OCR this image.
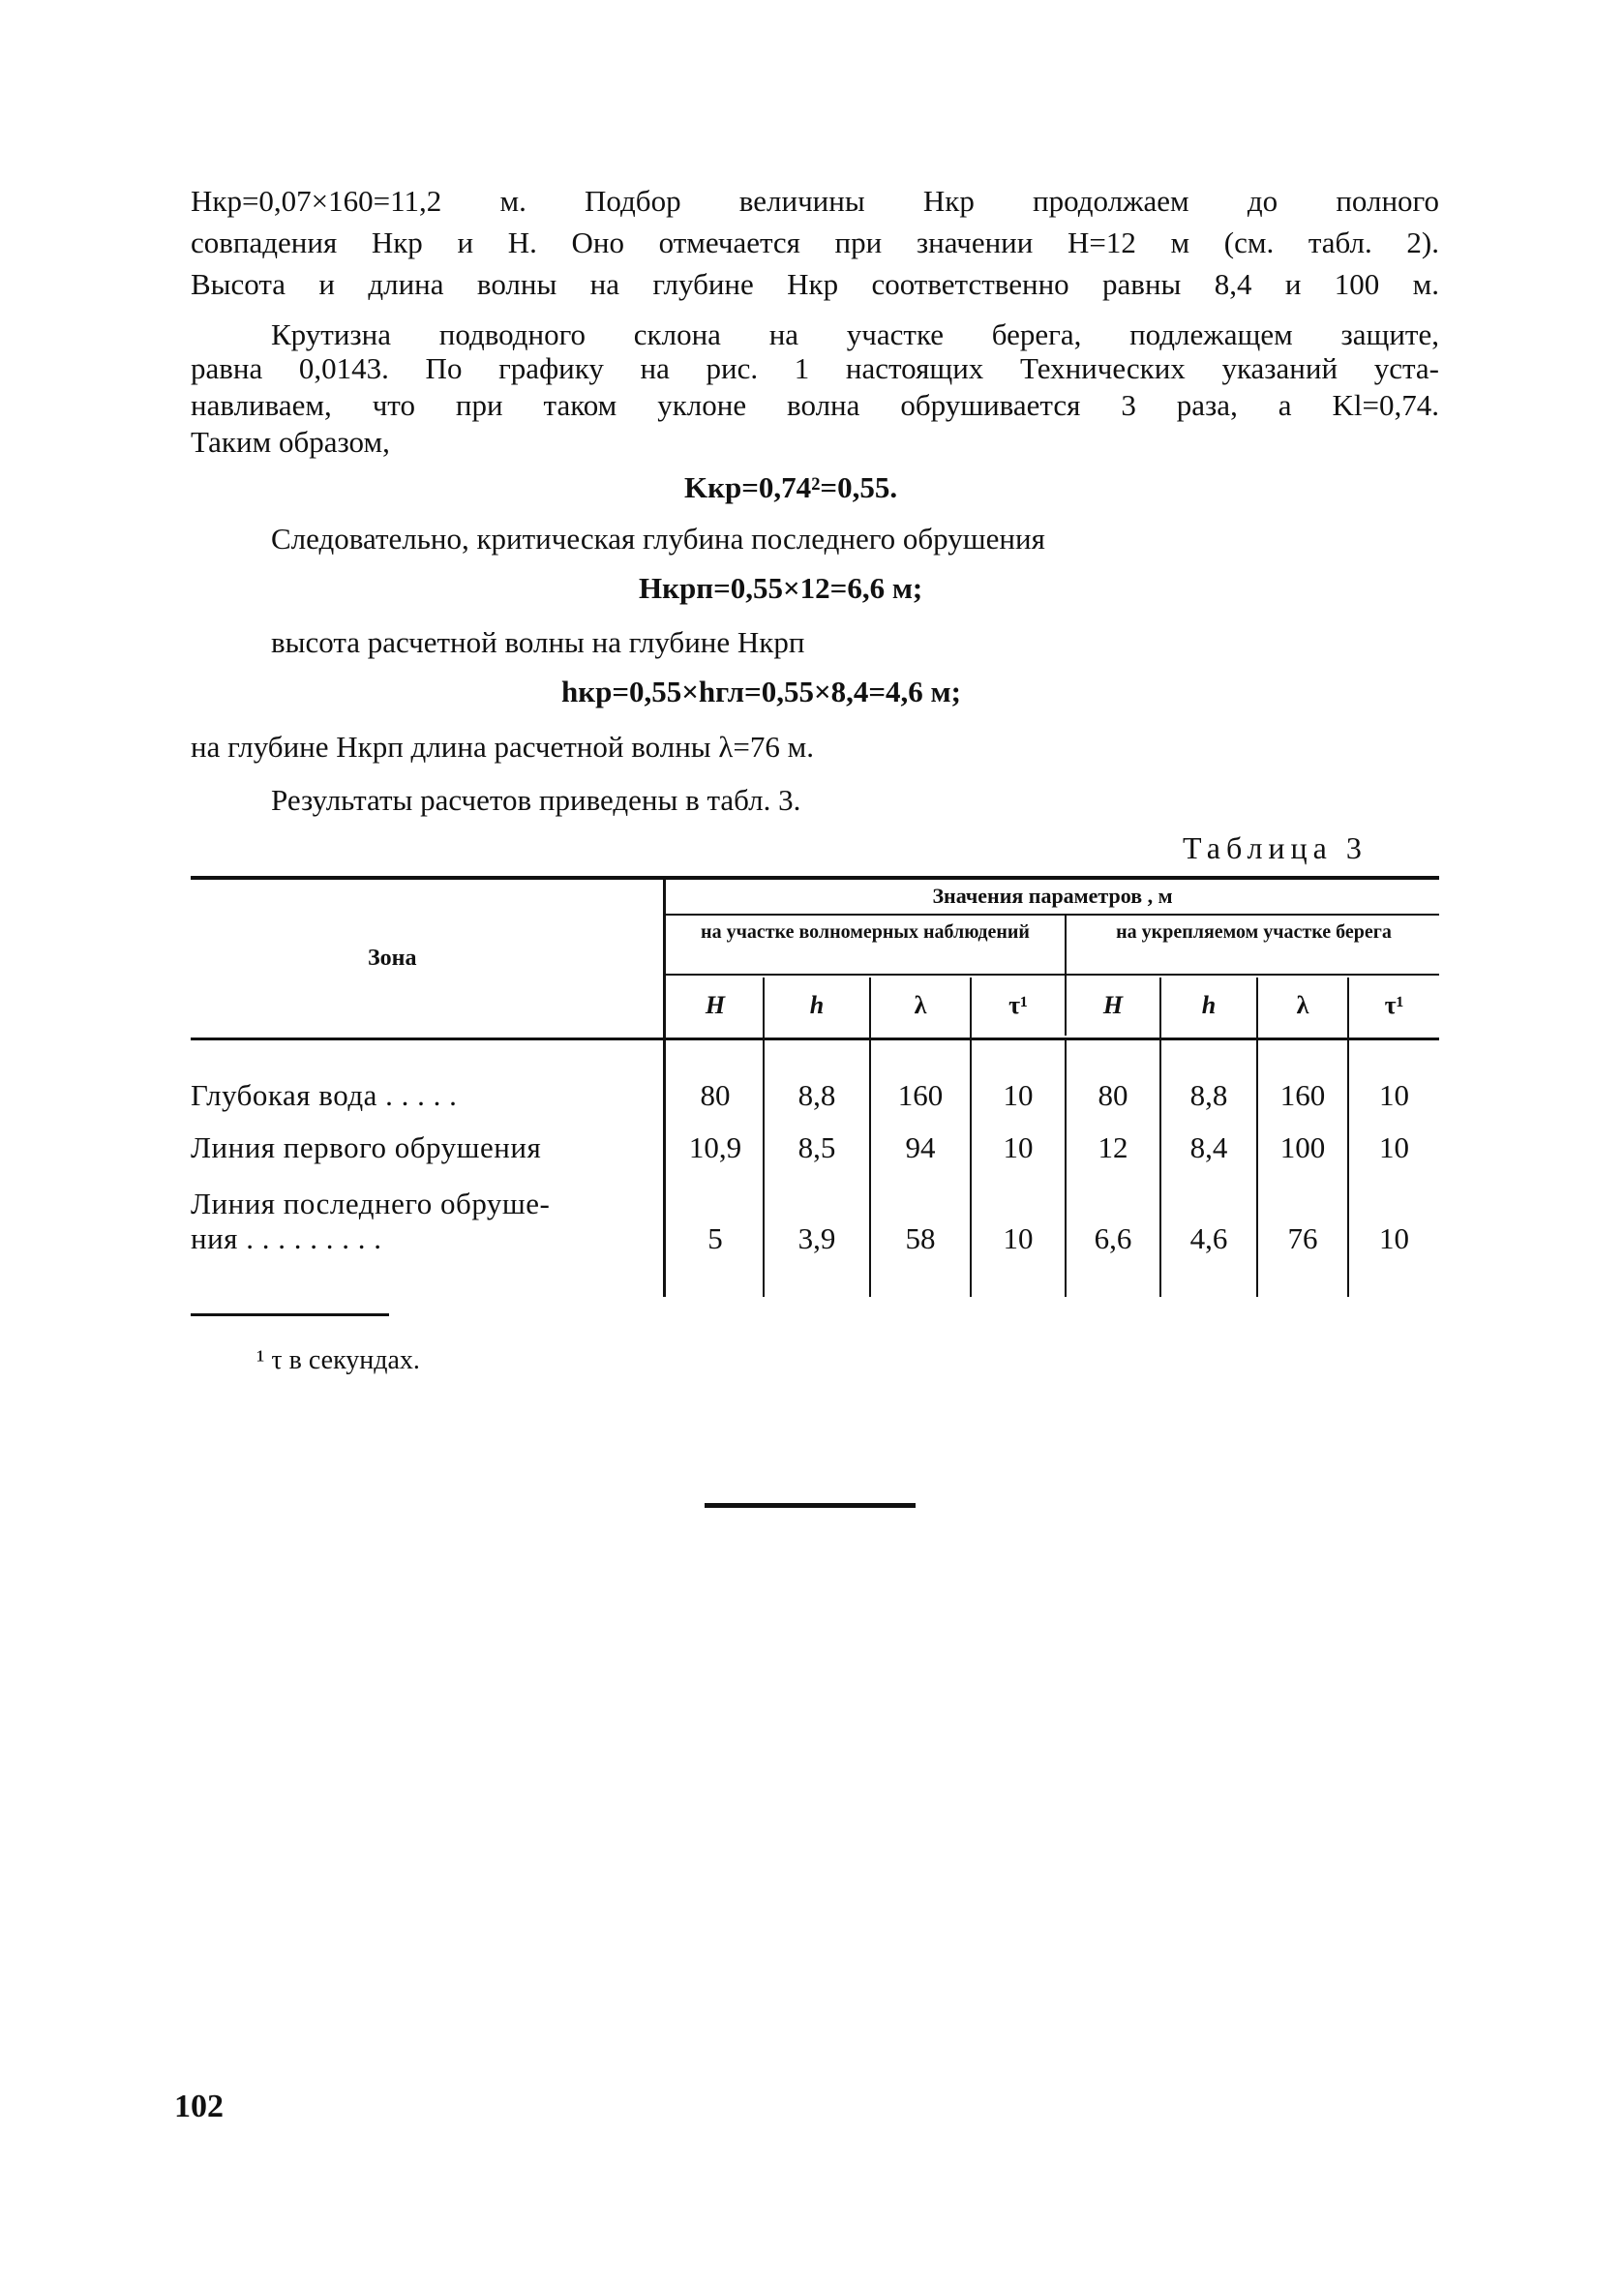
Hкр=0,07×160=11,2 м. Подбор величины Hкр продолжаем до полного
совпадения Hкр и H. Оно отмечается при значении H=12 м (см. табл. 2).
Высота и длина волны на глубине Hкр соответственно равны 8,4 и 100 м.
Крутизна подводного склона на участке берега, подлежащем защите,
равна 0,0143. По графику на рис. 1 настоящих Технических указаний уста-
навливаем, что при таком уклоне волна обрушивается 3 раза, а Kl=0,74.
Таким образом,
Kкр=0,74²=0,55.
Следовательно, критическая глубина последнего обрушения
Hкрп=0,55×12=6,6 м;
высота расчетной волны на глубине Hкрп
hкр=0,55×hгл=0,55×8,4=4,6 м;
на глубине Hкрп длина расчетной волны λ=76 м.
Результаты расчетов приведены в табл. 3.
Таблица 3
Зона
Значения параметров , м
на участке волномерных наблюдений	на укрепляемом участке берега
H	h	λ	τ¹	H	h	λ	τ¹
Глубокая вода . . . . .	80	8,8	160	10	80	8,8	160	10
Линия первого обрушения	10,9	8,5	94	10	12	8,4	100	10
Линия последнего обруше-
ния . . . . . . . . .	5	3,9	58	10	6,6	4,6	76	10
¹ τ в секундах.
102
